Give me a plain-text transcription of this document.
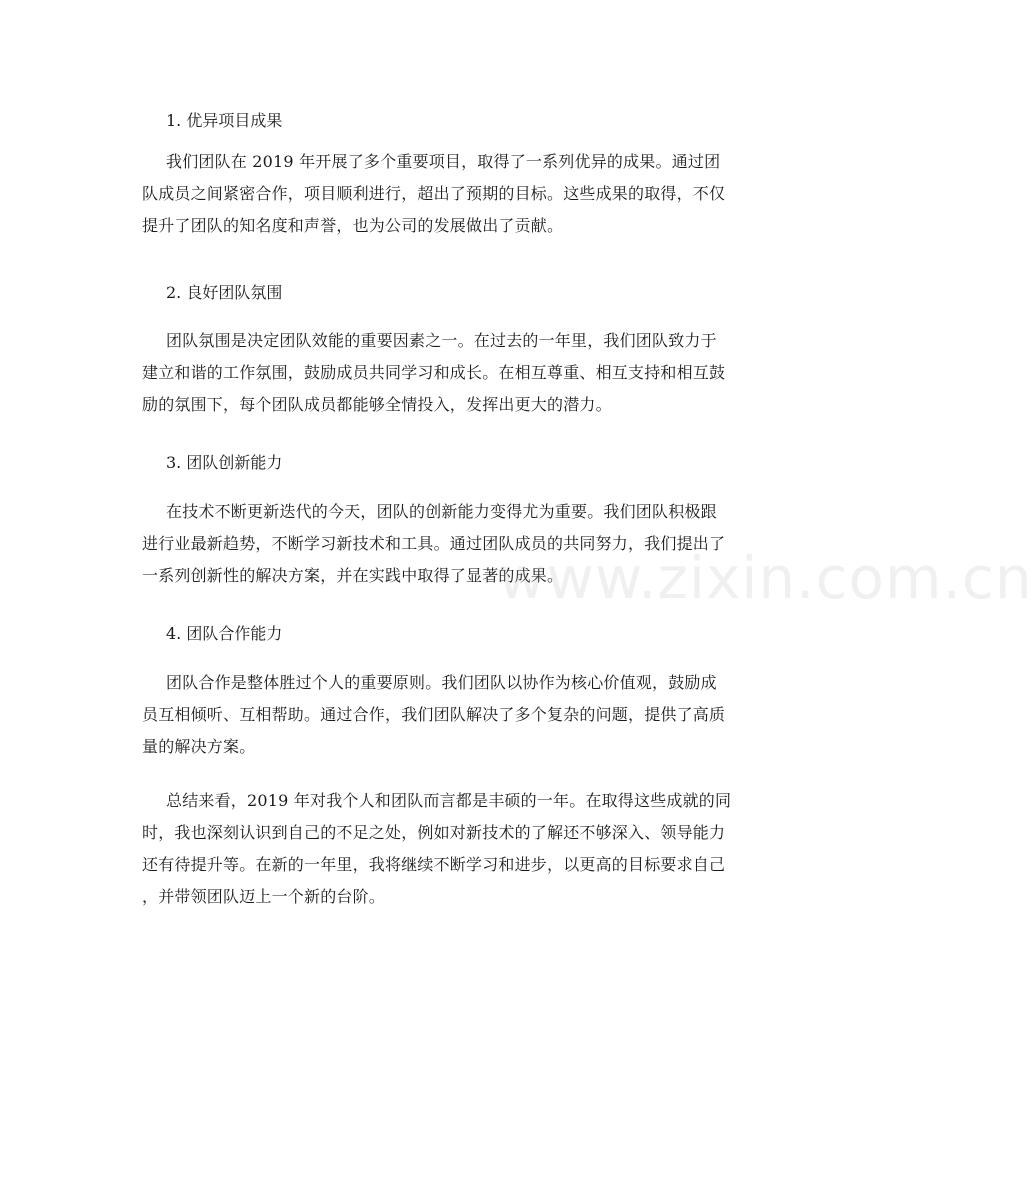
1. 优异项目成果
我们团队在 2019 年开展了多个重要项目，取得了一系列优异的成果。通过团
队成员之间紧密合作，项目顺利进行，超出了预期的目标。这些成果的取得，不仅
提升了团队的知名度和声誉，也为公司的发展做出了贡献。
2. 良好团队氛围
团队氛围是决定团队效能的重要因素之一。在过去的一年里，我们团队致力于
建立和谐的工作氛围，鼓励成员共同学习和成长。在相互尊重、相互支持和相互鼓
励的氛围下，每个团队成员都能够全情投入，发挥出更大的潜力。
3. 团队创新能力
在技术不断更新迭代的今天，团队的创新能力变得尤为重要。我们团队积极跟
进行业最新趋势，不断学习新技术和工具。通过团队成员的共同努力，我们提出了
一系列创新性的解决方案，并在实践中取得了显著的成果。
www.zixin.com.cn
4. 团队合作能力
团队合作是整体胜过个人的重要原则。我们团队以协作为核心价值观，鼓励成
员互相倾听、互相帮助。通过合作，我们团队解决了多个复杂的问题，提供了高质
量的解决方案。
总结来看，2019 年对我个人和团队而言都是丰硕的一年。在取得这些成就的同
时，我也深刻认识到自己的不足之处，例如对新技术的了解还不够深入、领导能力
还有待提升等。在新的一年里，我将继续不断学习和进步，以更高的目标要求自己
，并带领团队迈上一个新的台阶。
